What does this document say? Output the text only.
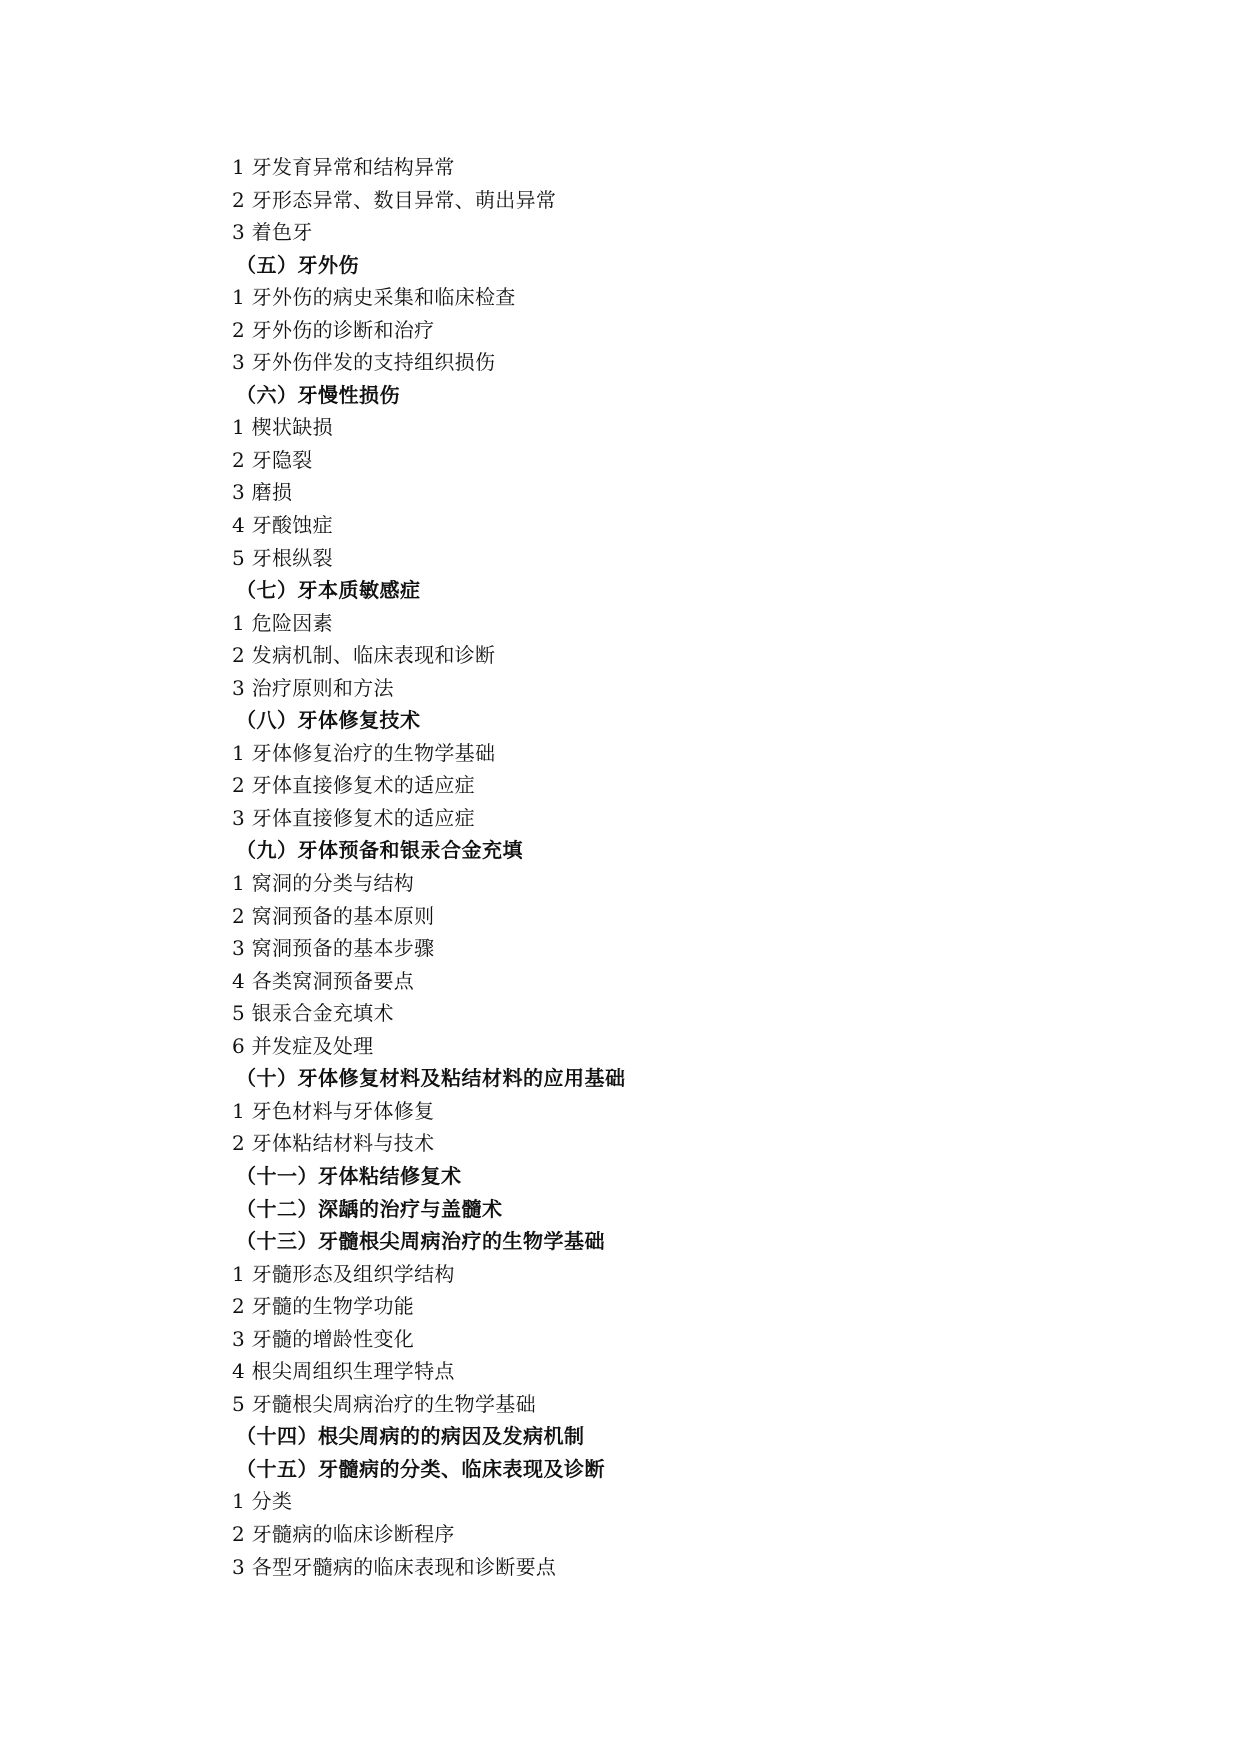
1 牙发育异常和结构异常
2 牙形态异常、数目异常、萌出异常
3 着色牙
（五）牙外伤
1 牙外伤的病史采集和临床检查
2 牙外伤的诊断和治疗
3 牙外伤伴发的支持组织损伤
（六）牙慢性损伤
1 楔状缺损
2 牙隐裂
3 磨损
4 牙酸蚀症
5 牙根纵裂
（七）牙本质敏感症
1 危险因素
2 发病机制、临床表现和诊断
3 治疗原则和方法
（八）牙体修复技术
1 牙体修复治疗的生物学基础
2 牙体直接修复术的适应症
3 牙体直接修复术的适应症
（九）牙体预备和银汞合金充填
1 窝洞的分类与结构
2 窝洞预备的基本原则
3 窝洞预备的基本步骤
4 各类窝洞预备要点
5 银汞合金充填术
6 并发症及处理
（十）牙体修复材料及粘结材料的应用基础
1 牙色材料与牙体修复
2 牙体粘结材料与技术
（十一）牙体粘结修复术
（十二）深龋的治疗与盖髓术
（十三）牙髓根尖周病治疗的生物学基础
1 牙髓形态及组织学结构
2 牙髓的生物学功能
3 牙髓的增龄性变化
4 根尖周组织生理学特点
5 牙髓根尖周病治疗的生物学基础
（十四）根尖周病的的病因及发病机制
（十五）牙髓病的分类、临床表现及诊断
1 分类
2 牙髓病的临床诊断程序
3 各型牙髓病的临床表现和诊断要点
